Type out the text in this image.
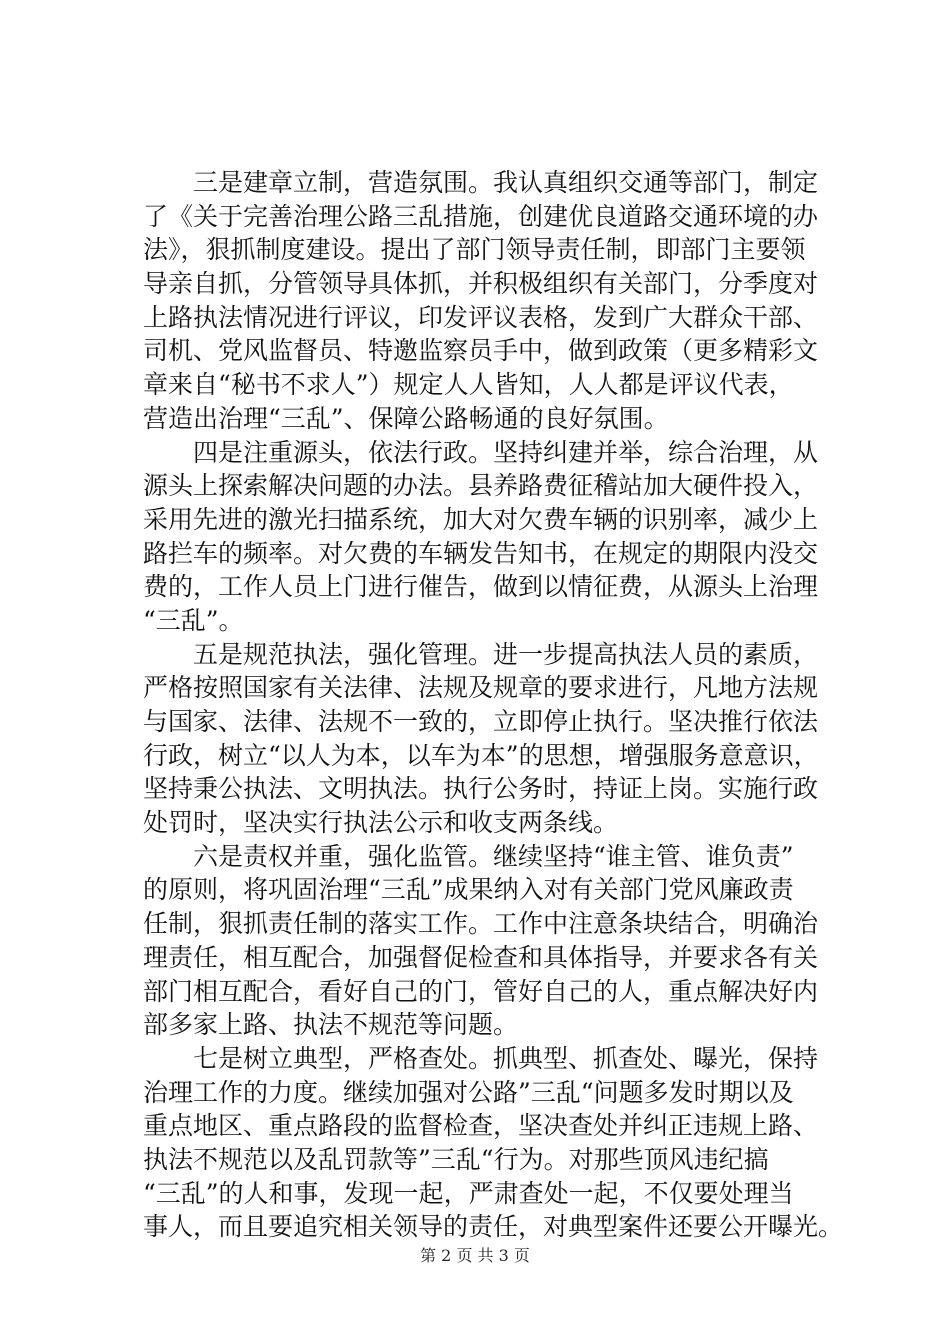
　　三是建章立制，营造氛围。我认真组织交通等部门，制定
了《关于完善治理公路三乱措施，创建优良道路交通环境的办
法》，狠抓制度建设。提出了部门领导责任制，即部门主要领
导亲自抓，分管领导具体抓，并积极组织有关部门，分季度对
上路执法情况进行评议，印发评议表格，发到广大群众干部、
司机、党风监督员、特邀监察员手中，做到政策（更多精彩文
章来自“秘书不求人”）规定人人皆知，人人都是评议代表，
营造出治理“三乱”、保障公路畅通的良好氛围。
　　四是注重源头，依法行政。坚持纠建并举，综合治理，从
源头上探索解决问题的办法。县养路费征稽站加大硬件投入，
采用先进的激光扫描系统，加大对欠费车辆的识别率，减少上
路拦车的频率。对欠费的车辆发告知书，在规定的期限内没交
费的，工作人员上门进行催告，做到以情征费，从源头上治理
“三乱”。
　　五是规范执法，强化管理。进一步提高执法人员的素质，
严格按照国家有关法律、法规及规章的要求进行，凡地方法规
与国家、法律、法规不一致的，立即停止执行。坚决推行依法
行政，树立“以人为本，以车为本”的思想，增强服务意意识，
坚持秉公执法、文明执法。执行公务时，持证上岗。实施行政
处罚时，坚决实行执法公示和收支两条线。
　　六是责权并重，强化监管。继续坚持“谁主管、谁负责”
的原则，将巩固治理“三乱”成果纳入对有关部门党风廉政责
任制，狠抓责任制的落实工作。工作中注意条块结合，明确治
理责任，相互配合，加强督促检查和具体指导，并要求各有关
部门相互配合，看好自己的门，管好自己的人，重点解决好内
部多家上路、执法不规范等问题。
　　七是树立典型，严格查处。抓典型、抓查处、曝光，保持
治理工作的力度。继续加强对公路”三乱“问题多发时期以及
重点地区、重点路段的监督检查，坚决查处并纠正违规上路、
执法不规范以及乱罚款等”三乱“行为。对那些顶风违纪搞
“三乱”的人和事，发现一起，严肃查处一起，不仅要处理当
事人，而且要追究相关领导的责任，对典型案件还要公开曝光。
第 2 页 共 3 页
